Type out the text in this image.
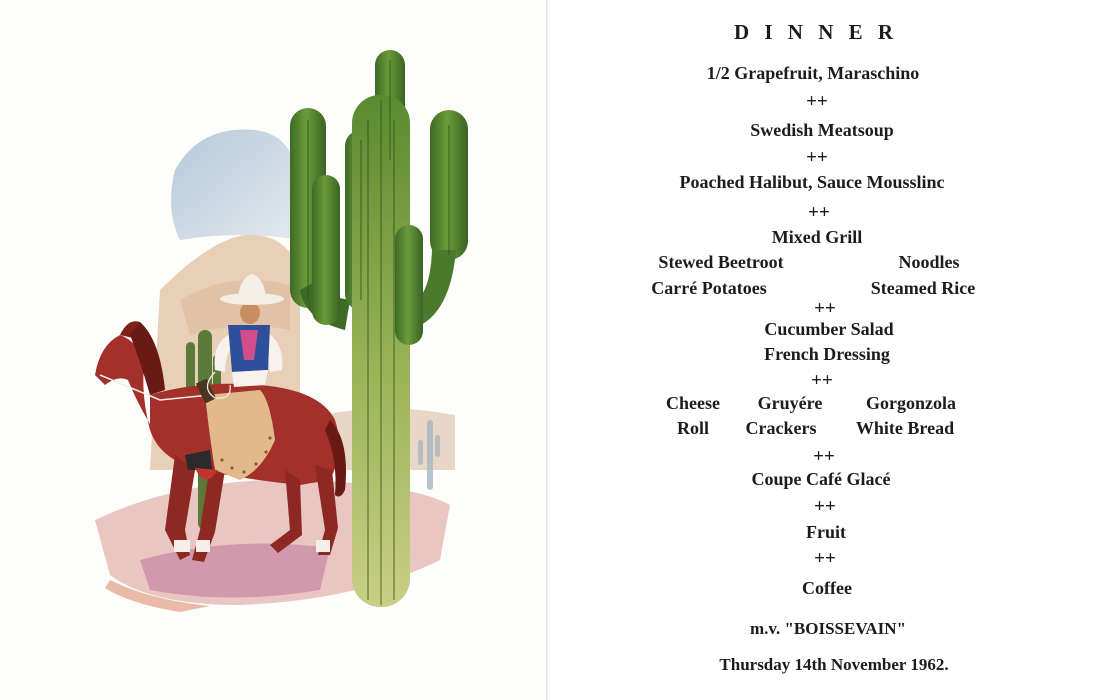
D I N N E R
1/2 Grapefruit, Maraschino
++
Swedish Meatsoup
++
Poached Halibut, Sauce Mousslinc
++
Mixed Grill
Stewed Beetroot	Noodles
Carré Potatoes	Steamed Rice
++
Cucumber Salad
French Dressing
++
Cheese Gruyére Gorgonzola
Roll Crackers White Bread
++
Coupe Café Glacé
++
Fruit
++
Coffee
m.v. "BOISSEVAIN"
Thursday 14th November 1962.
